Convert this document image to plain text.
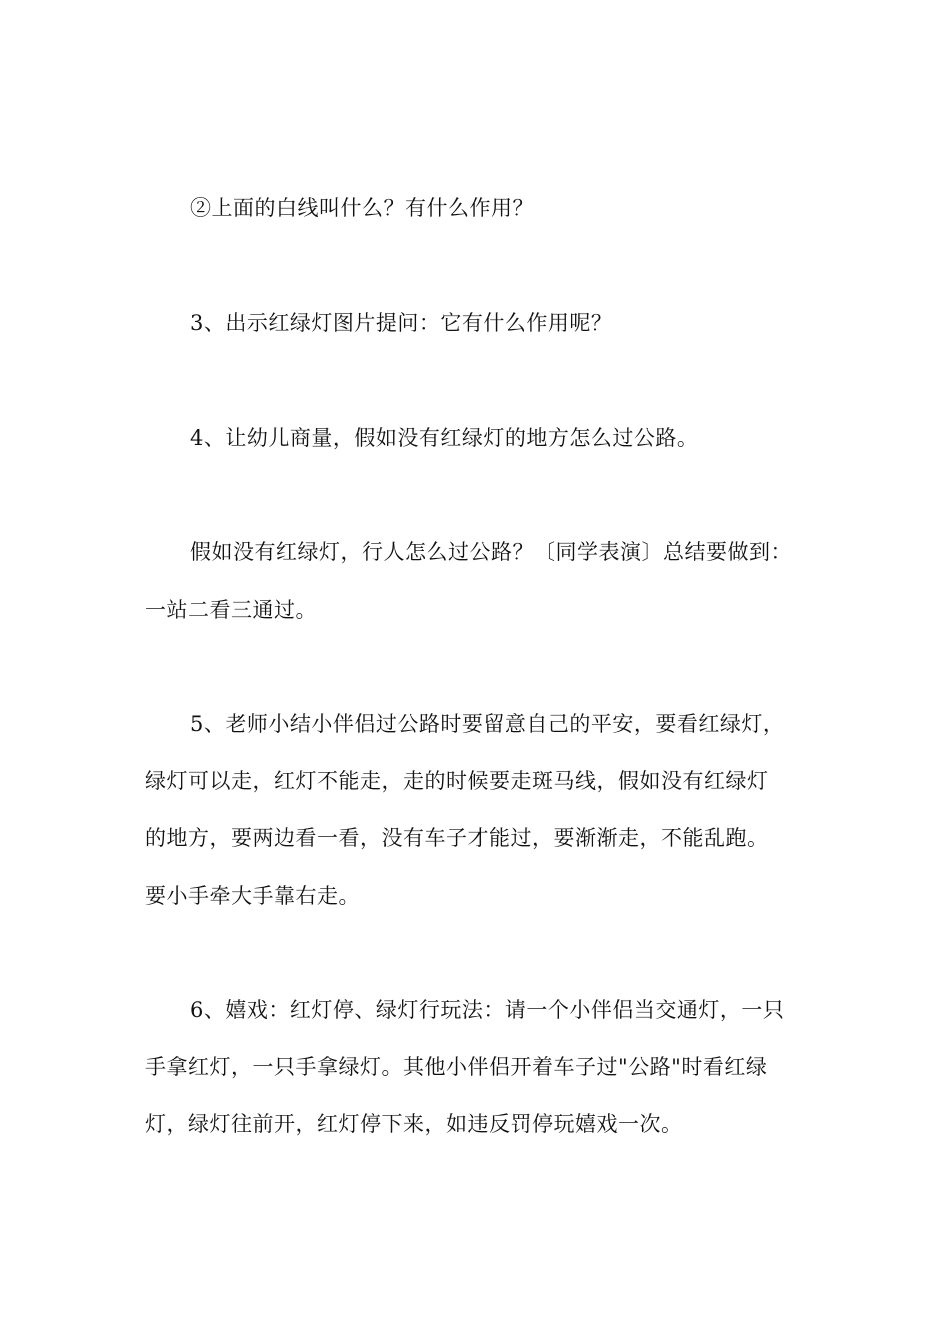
②上面的白线叫什么？有什么作用？
3、出示红绿灯图片提问：它有什么作用呢？
4、让幼儿商量，假如没有红绿灯的地方怎么过公路。
假如没有红绿灯，行人怎么过公路？〔同学表演〕总结要做到：
一站二看三通过。
5、老师小结小伴侣过公路时要留意自己的平安，要看红绿灯，
绿灯可以走，红灯不能走，走的时候要走斑马线，假如没有红绿灯
的地方，要两边看一看，没有车子才能过，要渐渐走，不能乱跑。
要小手牵大手靠右走。
6、嬉戏：红灯停、绿灯行玩法：请一个小伴侣当交通灯，一只
手拿红灯，一只手拿绿灯。其他小伴侣开着车子过"公路"时看红绿
灯，绿灯往前开，红灯停下来，如违反罚停玩嬉戏一次。
